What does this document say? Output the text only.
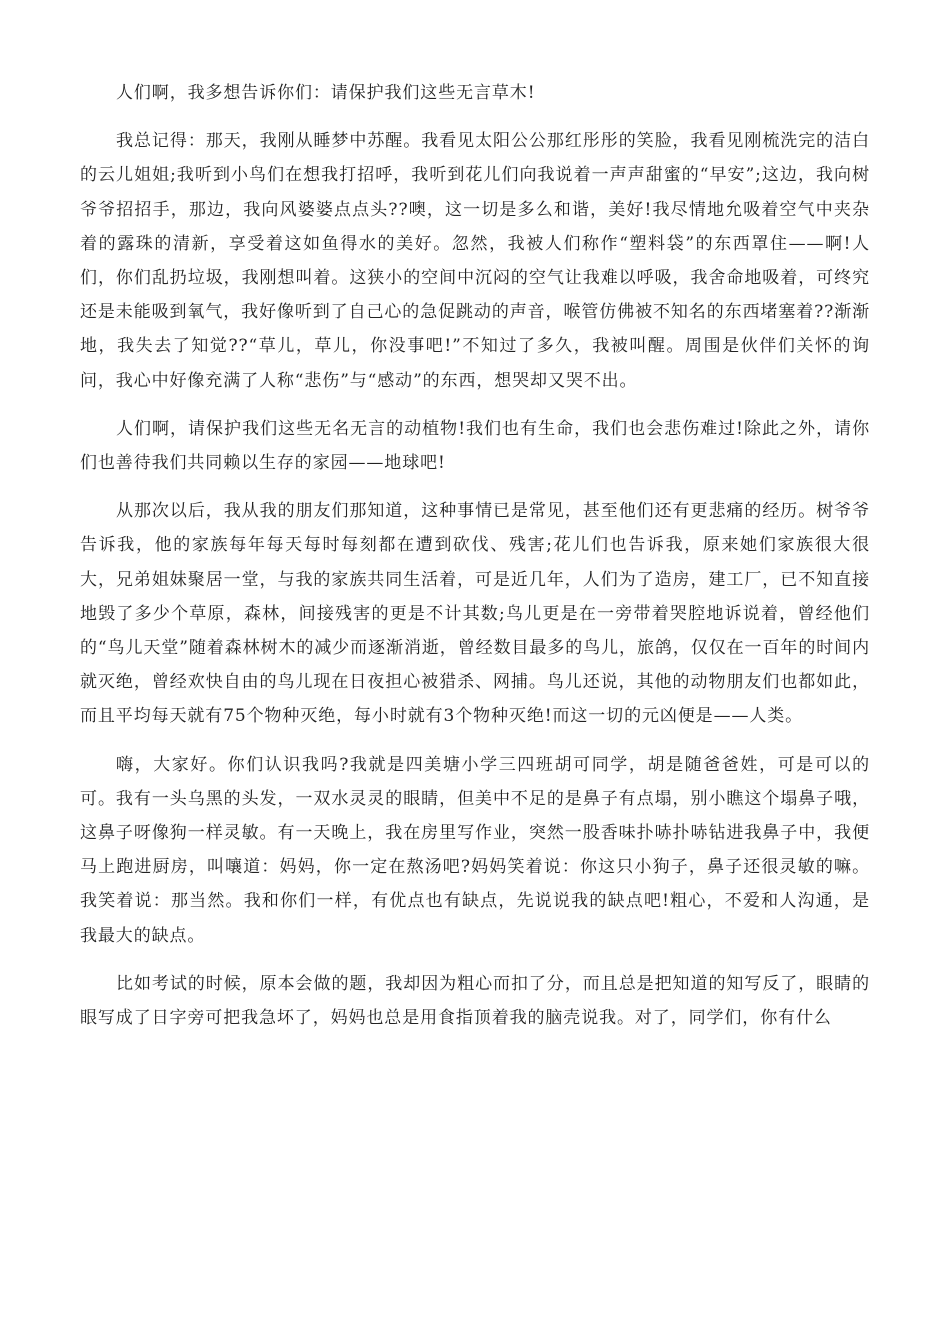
人们啊，我多想告诉你们：请保护我们这些无言草木!

我总记得：那天，我刚从睡梦中苏醒。我看见太阳公公那红彤彤的笑脸，我看见刚梳洗完的洁白的云儿姐姐;我听到小鸟们在想我打招呼，我听到花儿们向我说着一声声甜蜜的“早安”;这边，我向树爷爷招招手，那边，我向风婆婆点点头??噢，这一切是多么和谐，美好!我尽情地允吸着空气中夹杂着的露珠的清新，享受着这如鱼得水的美好。忽然，我被人们称作“塑料袋”的东西罩住——啊!人们，你们乱扔垃圾，我刚想叫着。这狭小的空间中沉闷的空气让我难以呼吸，我舍命地吸着，可终究还是未能吸到氧气，我好像听到了自己心的急促跳动的声音，喉管仿佛被不知名的东西堵塞着??渐渐地，我失去了知觉??“草儿，草儿，你没事吧!”不知过了多久，我被叫醒。周围是伙伴们关怀的询问，我心中好像充满了人称“悲伤”与“感动”的东西，想哭却又哭不出。

人们啊，请保护我们这些无名无言的动植物!我们也有生命，我们也会悲伤难过!除此之外，请你们也善待我们共同赖以生存的家园——地球吧!

从那次以后，我从我的朋友们那知道，这种事情已是常见，甚至他们还有更悲痛的经历。树爷爷告诉我，他的家族每年每天每时每刻都在遭到砍伐、残害;花儿们也告诉我，原来她们家族很大很大，兄弟姐妹聚居一堂，与我的家族共同生活着，可是近几年，人们为了造房，建工厂，已不知直接地毁了多少个草原，森林，间接残害的更是不计其数;鸟儿更是在一旁带着哭腔地诉说着，曾经他们的“鸟儿天堂”随着森林树木的减少而逐渐消逝，曾经数目最多的鸟儿，旅鸽，仅仅在一百年的时间内就灭绝，曾经欢快自由的鸟儿现在日夜担心被猎杀、网捕。鸟儿还说，其他的动物朋友们也都如此，而且平均每天就有75个物种灭绝，每小时就有3个物种灭绝!而这一切的元凶便是——人类。

嗨，大家好。你们认识我吗?我就是四美塘小学三四班胡可同学，胡是随爸爸姓，可是可以的可。我有一头乌黑的头发，一双水灵灵的眼睛，但美中不足的是鼻子有点塌，别小瞧这个塌鼻子哦，这鼻子呀像狗一样灵敏。有一天晚上，我在房里写作业，突然一股香味扑哧扑哧钻进我鼻子中，我便马上跑进厨房，叫嚷道：妈妈，你一定在熬汤吧?妈妈笑着说：你这只小狗子，鼻子还很灵敏的嘛。我笑着说：那当然。我和你们一样，有优点也有缺点，先说说我的缺点吧!粗心，不爱和人沟通，是我最大的缺点。

比如考试的时候，原本会做的题，我却因为粗心而扣了分，而且总是把知道的知写反了，眼睛的眼写成了日字旁可把我急坏了，妈妈也总是用食指顶着我的脑壳说我。对了，同学们，你有什么
